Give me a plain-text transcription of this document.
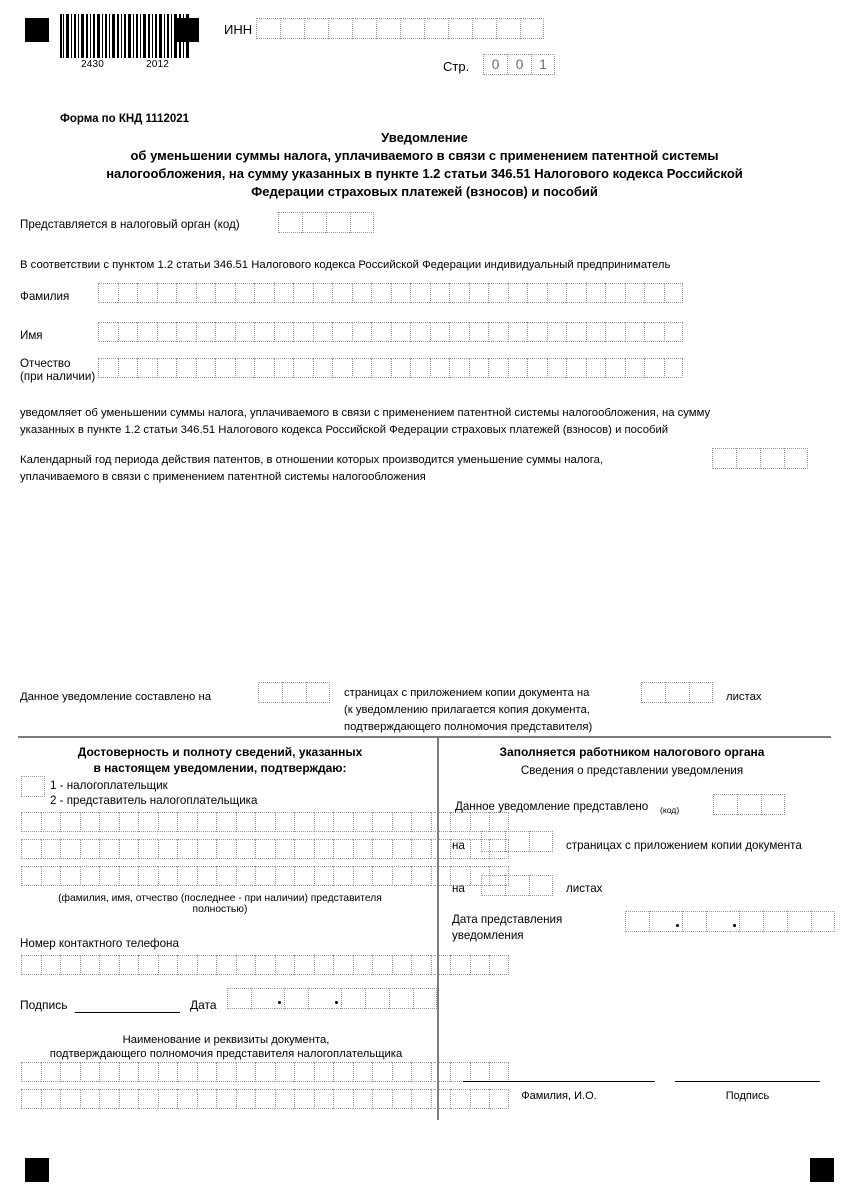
2430	2012
ИНН
Стр.	0	0	1
Форма по КНД 1112021
Уведомление
об уменьшении суммы налога, уплачиваемого в связи с применением патентной системы
налогообложения, на сумму указанных в пункте 1.2 статьи 346.51 Налогового кодекса Российской
Федерации страховых платежей (взносов) и пособий
Представляется в налоговый орган (код)
В соответствии с пунктом 1.2 статьи 346.51 Налогового кодекса Российской Федерации индивидуальный предприниматель
Фамилия
Имя
Отчество
(при наличии)
уведомляет об уменьшении суммы налога, уплачиваемого в связи с применением патентной системы налогообложения, на сумму
указанных в пункте 1.2 статьи 346.51 Налогового кодекса Российской Федерации страховых платежей (взносов) и пособий
Календарный год периода действия патентов, в отношении которых производится уменьшение суммы налога,
уплачиваемого в связи с применением патентной системы налогообложения
Данное уведомление составлено на	страницах с приложением копии документа на
(к уведомлению прилагается копия документа,
подтверждающего полномочия представителя)
листах
Достоверность и полноту сведений, указанных
в настоящем уведомлении, подтверждаю:
1 - налогоплательщик
2 - представитель налогоплательщика
(фамилия, имя, отчество (последнее - при наличии) представителя
полностью)
Номер контактного телефона
Подпись	Дата
Наименование и реквизиты документа,
подтверждающего полномочия представителя налогоплательщика
Заполняется работником налогового органа
Сведения о представлении уведомления
Данное уведомление представлено (код)
на	страницах с приложением копии документа
на	листах
Дата представления
уведомления
Фамилия, И.О.	Подпись
